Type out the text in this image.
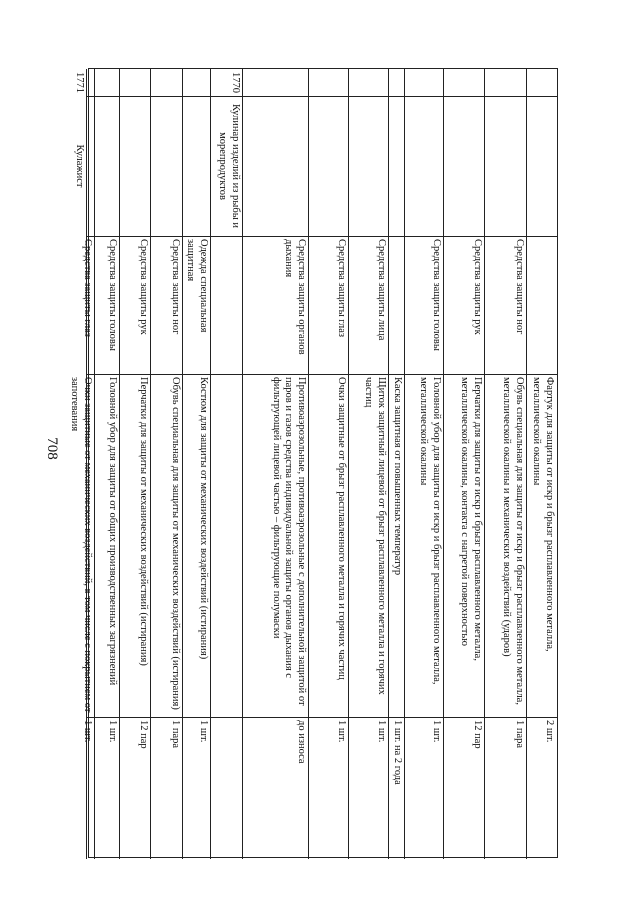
708	Фартук для защиты от искр и брызг расплавленного металла, металлической окалины
2 шт.
Средства защиты ног
Обувь специальная для защиты от искр и брызг расплавленного металла, металлической окалины и механических воздействий (ударов)
1 пара
Средства защиты рук
Перчатки для защиты от искр и брызг расплавленного металла, металлической окалины, контакта с нагретой поверхностью
12 пар
Средства защиты головы
Головной убор для защиты от искр и брызг расплавленного металла, металлической окалины
1 шт.
Каска защитная от повышенных температур
1 шт. на 2 года
Средства защиты лица
Щиток защитный лицевой от брызг расплавленного металла и горячих частиц
1 шт.
Средства защиты глаз
Очки защитные от брызг расплавленного металла и горячих частиц
1 шт.
Средства защиты органов дыхания
Противоаэрозольные, противоаэрозольные с дополнительной защитой от паров и газов средства индивидуальной защиты органов дыхания с фильтрующей лицевой частью – фильтрующие полумаски
до износа
1770
Кулинар изделий из рыбы и морепродуктов
Одежда специальная защитная
Костюм для защиты от механических воздействий (истирания)
1 шт.
Средства защиты ног
Обувь специальная для защиты от механических воздействий (истирания)
1 пара
Средства защиты рук
Перчатки для защиты от механических воздействий (истирания)
12 пар
Средства защиты головы
Головной убор для защиты от общих производственных загрязнений
1 шт.
Средства защиты глаз
Очки защитные от механических воздействий, в том числе с покрытием от запотевания
1 шт.
1771
Кулажист
